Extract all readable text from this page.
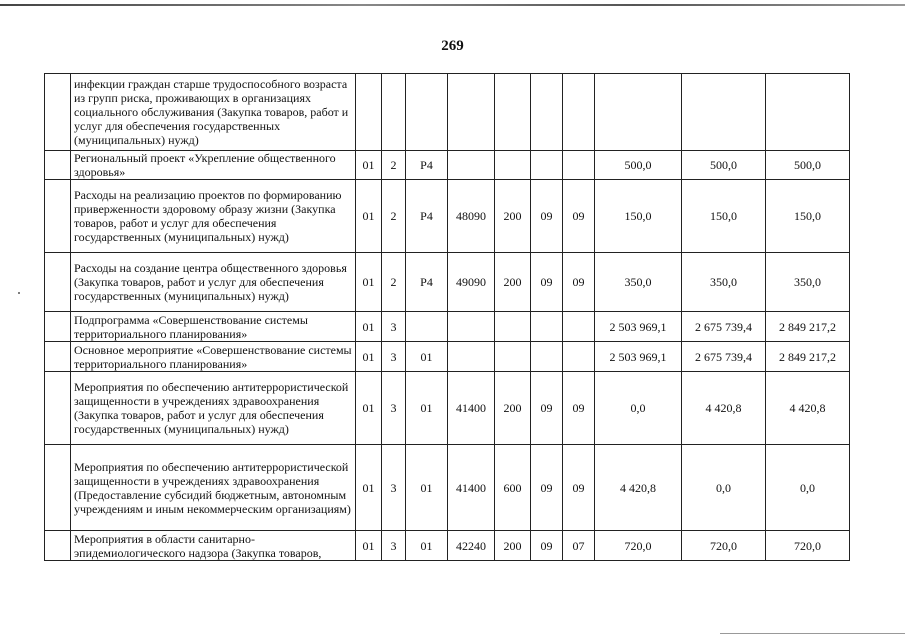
269
	инфекции граждан старше трудоспособного возраста из групп риска, проживающих в организациях социального обслуживания (Закупка товаров, работ и услуг для обеспечения государственных (муниципальных) нужд)										
	Региональный проект «Укрепление общественного здоровья»	01	2	P4					500,0	500,0	500,0
	Расходы на реализацию проектов по формированию приверженности здоровому образу жизни (Закупка товаров, работ и услуг для обеспечения государственных (муниципальных) нужд)	01	2	P4	48090	200	09	09	150,0	150,0	150,0
	Расходы на создание центра общественного здоровья (Закупка товаров, работ и услуг для обеспечения государственных (муниципальных) нужд)	01	2	P4	49090	200	09	09	350,0	350,0	350,0
	Подпрограмма «Совершенствование системы территориального планирования»	01	3						2 503 969,1	2 675 739,4	2 849 217,2
	Основное мероприятие «Совершенствование системы территориального планирования»	01	3	01					2 503 969,1	2 675 739,4	2 849 217,2
	Мероприятия по обеспечению антитеррористической защищенности в учреждениях здравоохранения (Закупка товаров, работ и услуг для обеспечения государственных (муниципальных) нужд)	01	3	01	41400	200	09	09	0,0	4 420,8	4 420,8
	Мероприятия по обеспечению антитеррористической защищенности в учреждениях здравоохранения (Предоставление субсидий бюджетным, автономным учреждениям и иным некоммерческим организациям)	01	3	01	41400	600	09	09	4 420,8	0,0	0,0
	Мероприятия в области санитарно-эпидемиологического надзора (Закупка товаров,	01	3	01	42240	200	09	07	720,0	720,0	720,0
